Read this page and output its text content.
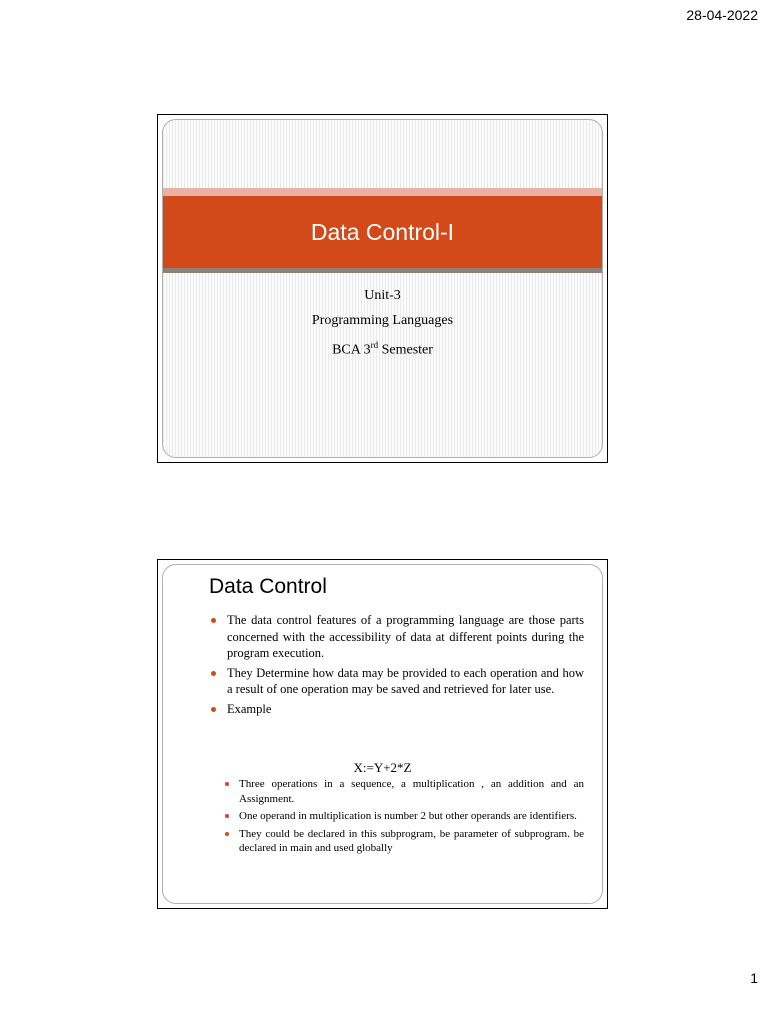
28-04-2022
Data Control-I
Unit-3
Programming Languages
BCA 3rd Semester
Data Control
The data control features of a programming language are those parts concerned with the accessibility of data at different points during the program execution.
They Determine how data may be provided to each operation and how a result of one operation may be saved and retrieved for later use.
Example
X:=Y+2*Z
Three operations in a sequence, a multiplication , an addition and an Assignment.
One operand in multiplication is number 2 but other operands are identifiers.
They could be declared in this subprogram, be parameter of subprogram. be declared in main and used globally
1
